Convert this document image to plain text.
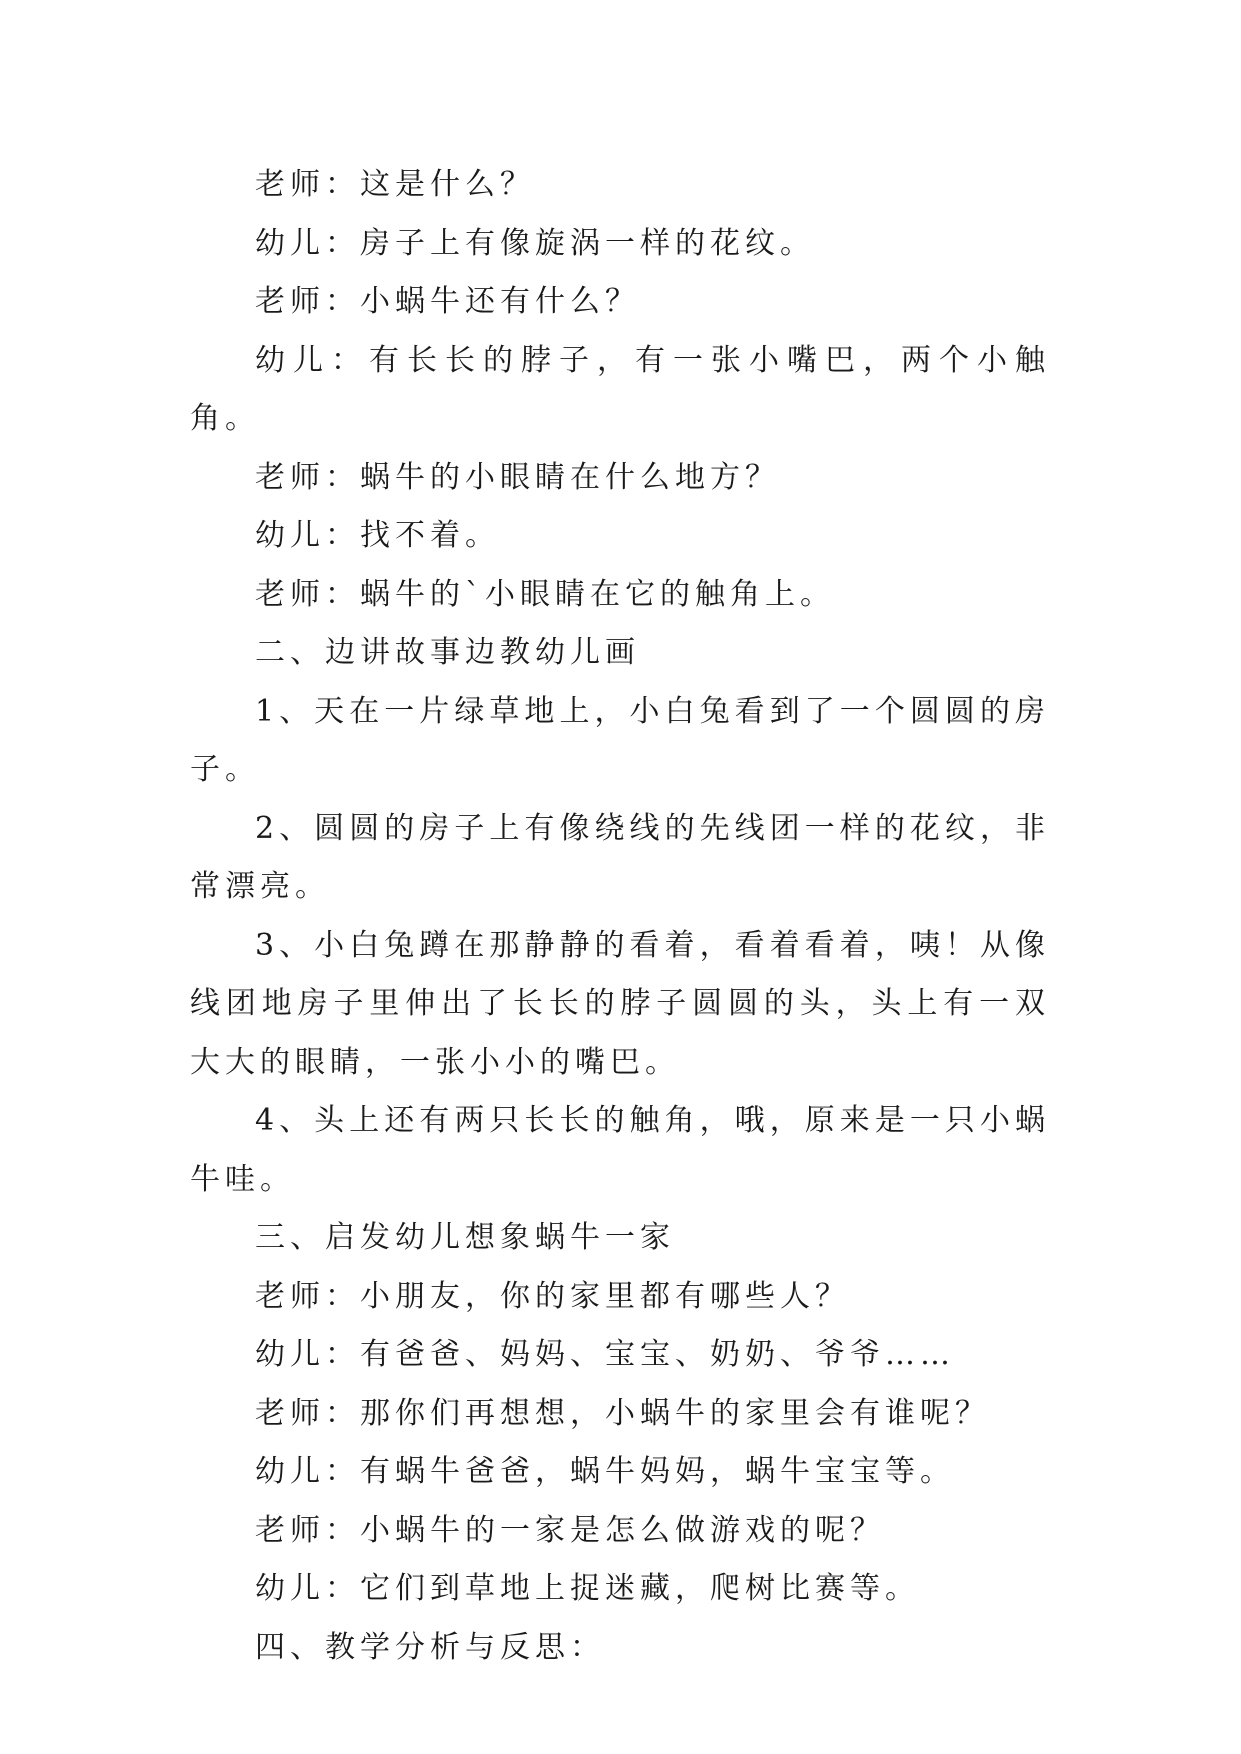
老师：这是什么？

幼儿：房子上有像旋涡一样的花纹。

老师：小蜗牛还有什么？

幼儿：有长长的脖子，有一张小嘴巴，两个小触角。

老师：蜗牛的小眼睛在什么地方？

幼儿：找不着。

老师：蜗牛的`小眼睛在它的触角上。

二、边讲故事边教幼儿画

1、天在一片绿草地上，小白兔看到了一个圆圆的房子。

2、圆圆的房子上有像绕线的先线团一样的花纹，非常漂亮。

3、小白兔蹲在那静静的看着，看着看着，咦！从像线团地房子里伸出了长长的脖子圆圆的头，头上有一双大大的眼睛，一张小小的嘴巴。

4、头上还有两只长长的触角，哦，原来是一只小蜗牛哇。

三、启发幼儿想象蜗牛一家

老师：小朋友，你的家里都有哪些人？

幼儿：有爸爸、妈妈、宝宝、奶奶、爷爷……

老师：那你们再想想，小蜗牛的家里会有谁呢？

幼儿：有蜗牛爸爸，蜗牛妈妈，蜗牛宝宝等。

老师：小蜗牛的一家是怎么做游戏的呢？

幼儿：它们到草地上捉迷藏，爬树比赛等。

四、教学分析与反思：
